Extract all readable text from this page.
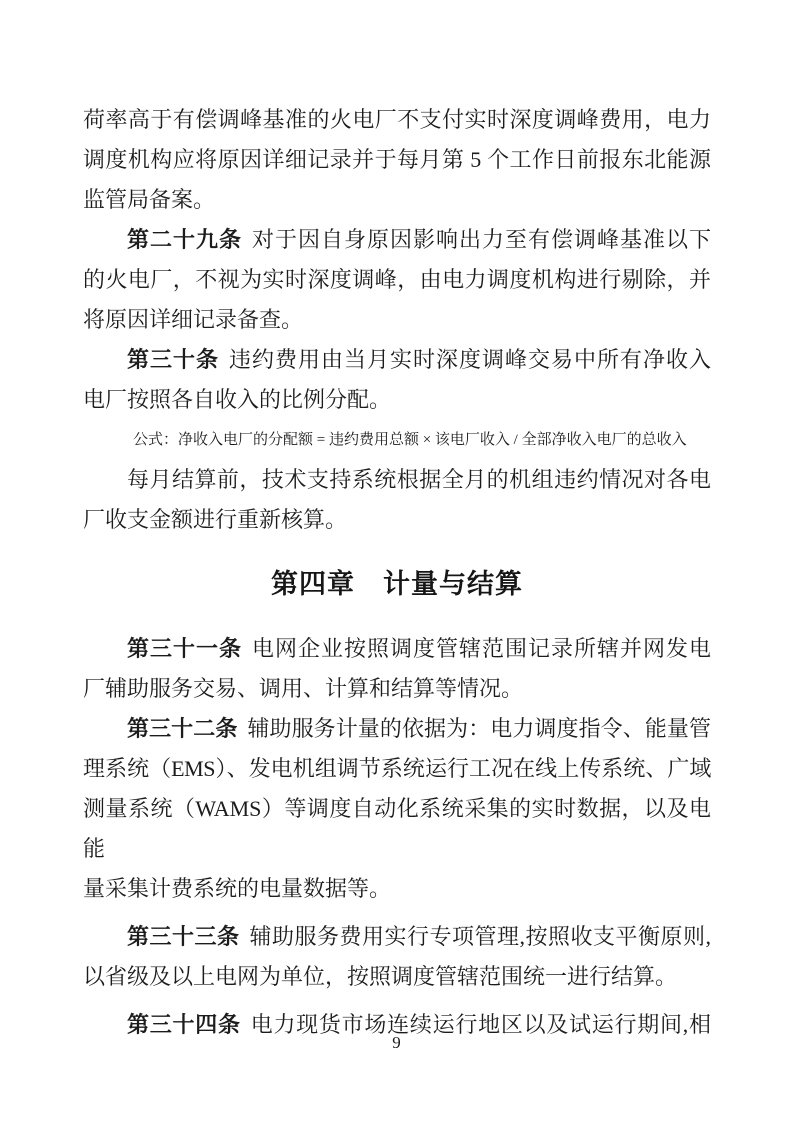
荷率高于有偿调峰基准的火电厂不支付实时深度调峰费用，电力
调度机构应将原因详细记录并于每月第 5 个工作日前报东北能源
监管局备案。
第二十九条 对于因自身原因影响出力至有偿调峰基准以下
的火电厂，不视为实时深度调峰，由电力调度机构进行剔除，并
将原因详细记录备查。
第三十条 违约费用由当月实时深度调峰交易中所有净收入
电厂按照各自收入的比例分配。
公式：净收入电厂的分配额 = 违约费用总额 × 该电厂收入 / 全部净收入电厂的总收入
每月结算前，技术支持系统根据全月的机组违约情况对各电
厂收支金额进行重新核算。
第四章　计量与结算
第三十一条 电网企业按照调度管辖范围记录所辖并网发电
厂辅助服务交易、调用、计算和结算等情况。
第三十二条 辅助服务计量的依据为：电力调度指令、能量管
理系统（EMS）、发电机组调节系统运行工况在线上传系统、广域
测量系统（WAMS）等调度自动化系统采集的实时数据，以及电能
量采集计费系统的电量数据等。
第三十三条 辅助服务费用实行专项管理,按照收支平衡原则,
以省级及以上电网为单位，按照调度管辖范围统一进行结算。
第三十四条 电力现货市场连续运行地区以及试运行期间,相
9
